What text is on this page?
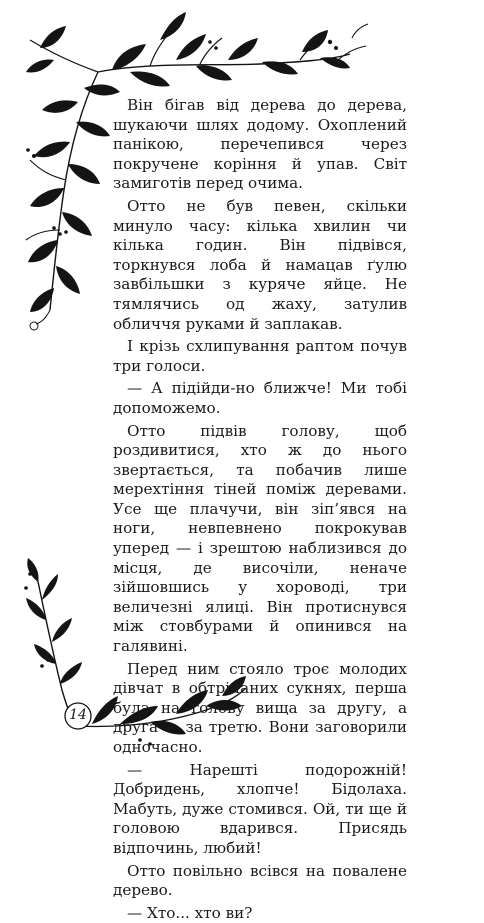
14

Він бігав від дерева до дерева, шукаючи шлях додому. Охоплений панікою, перечепився через покручене коріння й упав. Світ замиготів перед очима.

Отто не був певен, скільки минуло часу: кілька хвилин чи кілька годин. Він підвівся, торкнувся лоба й намацав ґулю завбільшки з куряче яйце. Не тямлячись од жаху, затулив обличчя руками й заплакав.

І крізь схлипування раптом почув три голоси.

— А підійди-но ближче! Ми тобі допоможемо.

Отто підвів голову, щоб роздивитися, хто ж до нього звертається, та побачив лише мерехтіння тіней поміж деревами. Усе ще плачучи, він зіп’явся на ноги, невпевнено покрокував уперед — і зрештою наблизився до місця, де височіли, неначе зійшовшись у хороводі, три величезні ялиці. Він протиснувся між стовбурами й опинився на галявині.

Перед ним стояло троє молодих дівчат в обтріпаних сукнях, перша була на голову вища за другу, а друга — за третю. Вони заговорили одночасно.

— Нарешті подорожній! Добридень, хлопче! Бідолаха. Мабуть, дуже стомився. Ой, ти ще й головою вдарився. Присядь відпочинь, любий!

Отто повільно всівся на повалене дерево.

— Хто... хто ви?
